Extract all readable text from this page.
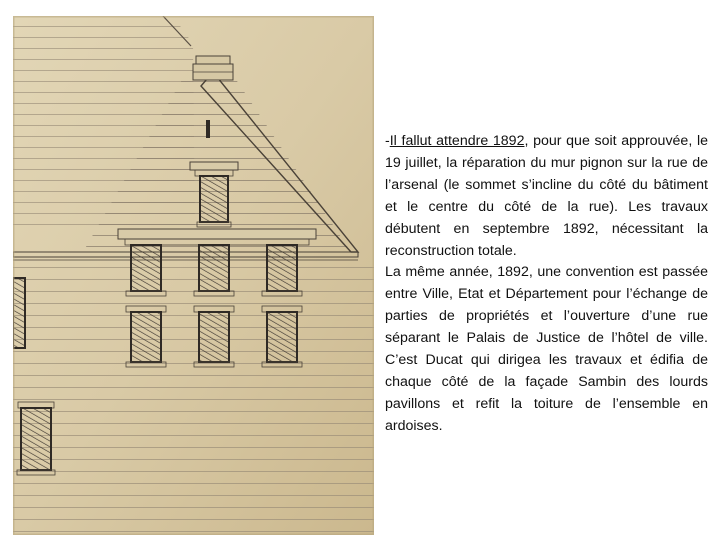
-Il fallut attendre 1892, pour que soit approuvée, le 19 juillet, la réparation du mur pignon sur la rue de l’arsenal (le sommet s’incline du côté du bâtiment et le centre du côté de la rue). Les travaux débutent en septembre 1892, nécessitant la reconstruction totale.

La même année, 1892, une convention est passée entre Ville, Etat et Département pour l’échange de parties de propriétés et l’ouverture d’une rue séparant le Palais de Justice de l’hôtel de ville. C’est Ducat qui dirigea les travaux et édifia de chaque côté de la façade Sambin des lourds pavillons et refit la toiture de l’ensemble en ardoises.
